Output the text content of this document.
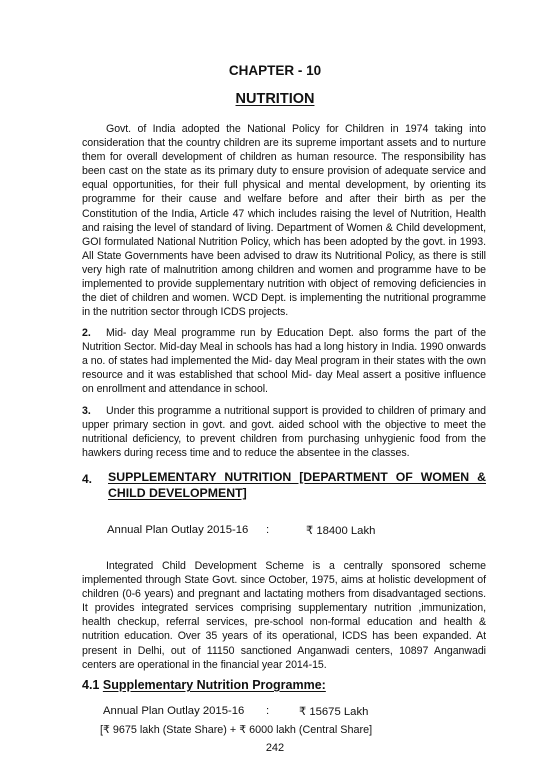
CHAPTER - 10
NUTRITION

Govt. of India adopted the National Policy for Children in 1974 taking into consideration that the country children are its supreme important assets and to nurture them for overall development of children as human resource. The responsibility has been cast on the state as its primary duty to ensure provision of adequate service and equal opportunities, for their full physical and mental development, by orienting its programme for their cause and welfare before and after their birth as per the Constitution of the India, Article 47 which includes raising the level of Nutrition, Health and raising the level of standard of living. Department of Women & Child development, GOI formulated National Nutrition Policy, which has been adopted by the govt. in 1993. All State Governments have been advised to draw its Nutritional Policy, as there is still very high rate of malnutrition among children and women and programme have to be implemented to provide supplementary nutrition with object of removing deficiencies in the diet of children and women. WCD Dept. is implementing the nutritional programme in the nutrition sector through ICDS projects.

2. Mid- day Meal programme run by Education Dept. also forms the part of the Nutrition Sector. Mid-day Meal in schools has had a long history in India. 1990 onwards a no. of states had implemented the Mid- day Meal program in their states with the own resource and it was established that school Mid- day Meal assert a positive influence on enrollment and attendance in school.

3. Under this programme a nutritional support is provided to children of primary and upper primary section in govt. and govt. aided school with the objective to meet the nutritional deficiency, to prevent children from purchasing unhygienic food from the hawkers during recess time and to reduce the absentee in the classes.

4. SUPPLEMENTARY NUTRITION [DEPARTMENT OF WOMEN & CHILD DEVELOPMENT]
Annual Plan Outlay 2015-16 :	₹ 18400 Lakh

Integrated Child Development Scheme is a centrally sponsored scheme implemented through State Govt. since October, 1975, aims at holistic development of children (0-6 years) and pregnant and lactating mothers from disadvantaged sections. It provides integrated services comprising supplementary nutrition ,immunization, health checkup, referral services, pre-school non-formal education and health & nutrition education. Over 35 years of its operational, ICDS has been expanded. At present in Delhi, out of 11150 sanctioned Anganwadi centers, 10897 Anganwadi centers are operational in the financial year 2014-15.

4.1 Supplementary Nutrition Programme:
Annual Plan Outlay 2015-16 :	₹ 15675 Lakh
[₹ 9675 lakh (State Share) + ₹ 6000 lakh (Central Share]
242
